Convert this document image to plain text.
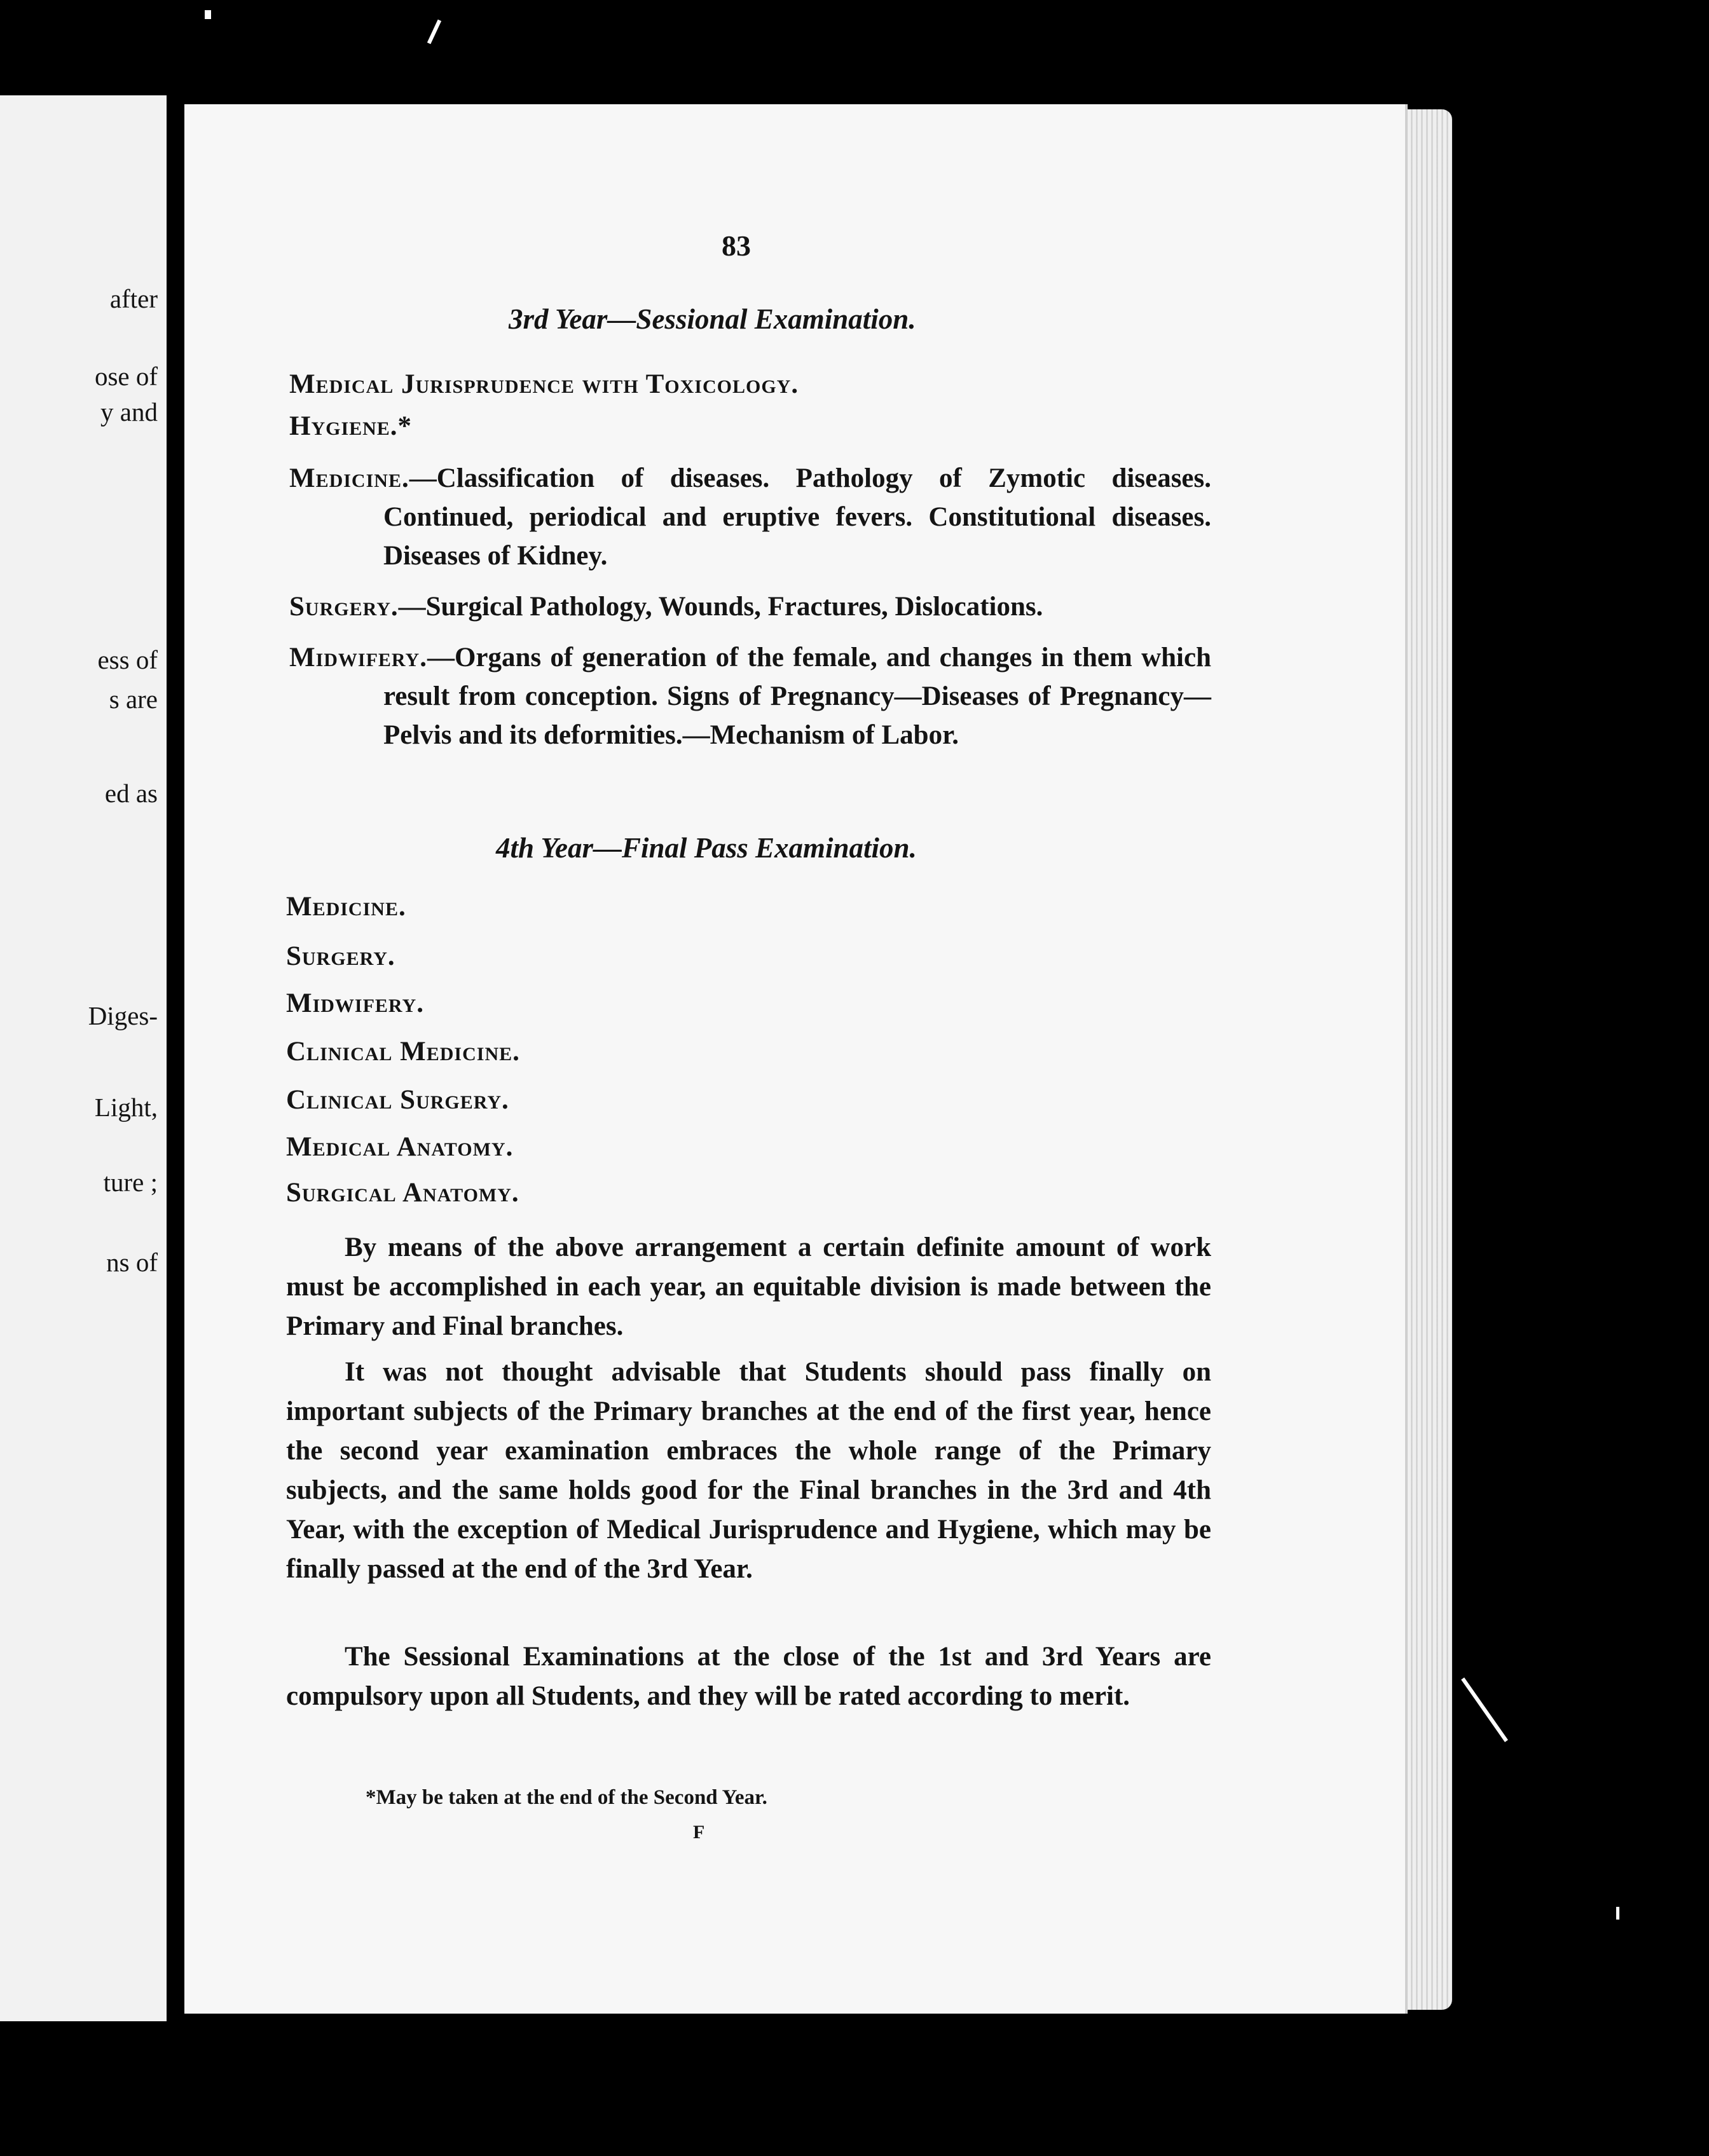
after
ose of
y and
ess of
s are
ed as
Diges-
Light,
ture ;
ns of
83
3rd Year—Sessional Examination.
Medical Jurisprudence with Toxicology.
Hygiene.*
Medicine.—Classification of diseases. Pathology of Zymotic diseases. Continued, periodical and eruptive fevers. Constitutional diseases. Diseases of Kidney.
Surgery.—Surgical Pathology, Wounds, Fractures, Dislocations.
Midwifery.—Organs of generation of the female, and changes in them which result from conception. Signs of Pregnancy—Diseases of Pregnancy—Pelvis and its deformities.—Mechanism of Labor.
4th Year—Final Pass Examination.
Medicine.
Surgery.
Midwifery.
Clinical Medicine.
Clinical Surgery.
Medical Anatomy.
Surgical Anatomy.
By means of the above arrangement a certain definite amount of work must be accomplished in each year, an equitable division is made between the Primary and Final branches.
It was not thought advisable that Students should pass finally on important subjects of the Primary branches at the end of the first year, hence the second year examination embraces the whole range of the Primary subjects, and the same holds good for the Final branches in the 3rd and 4th Year, with the exception of Medical Jurisprudence and Hygiene, which may be finally passed at the end of the 3rd Year.
The Sessional Examinations at the close of the 1st and 3rd Years are compulsory upon all Students, and they will be rated according to merit.
*May be taken at the end of the Second Year.
F
